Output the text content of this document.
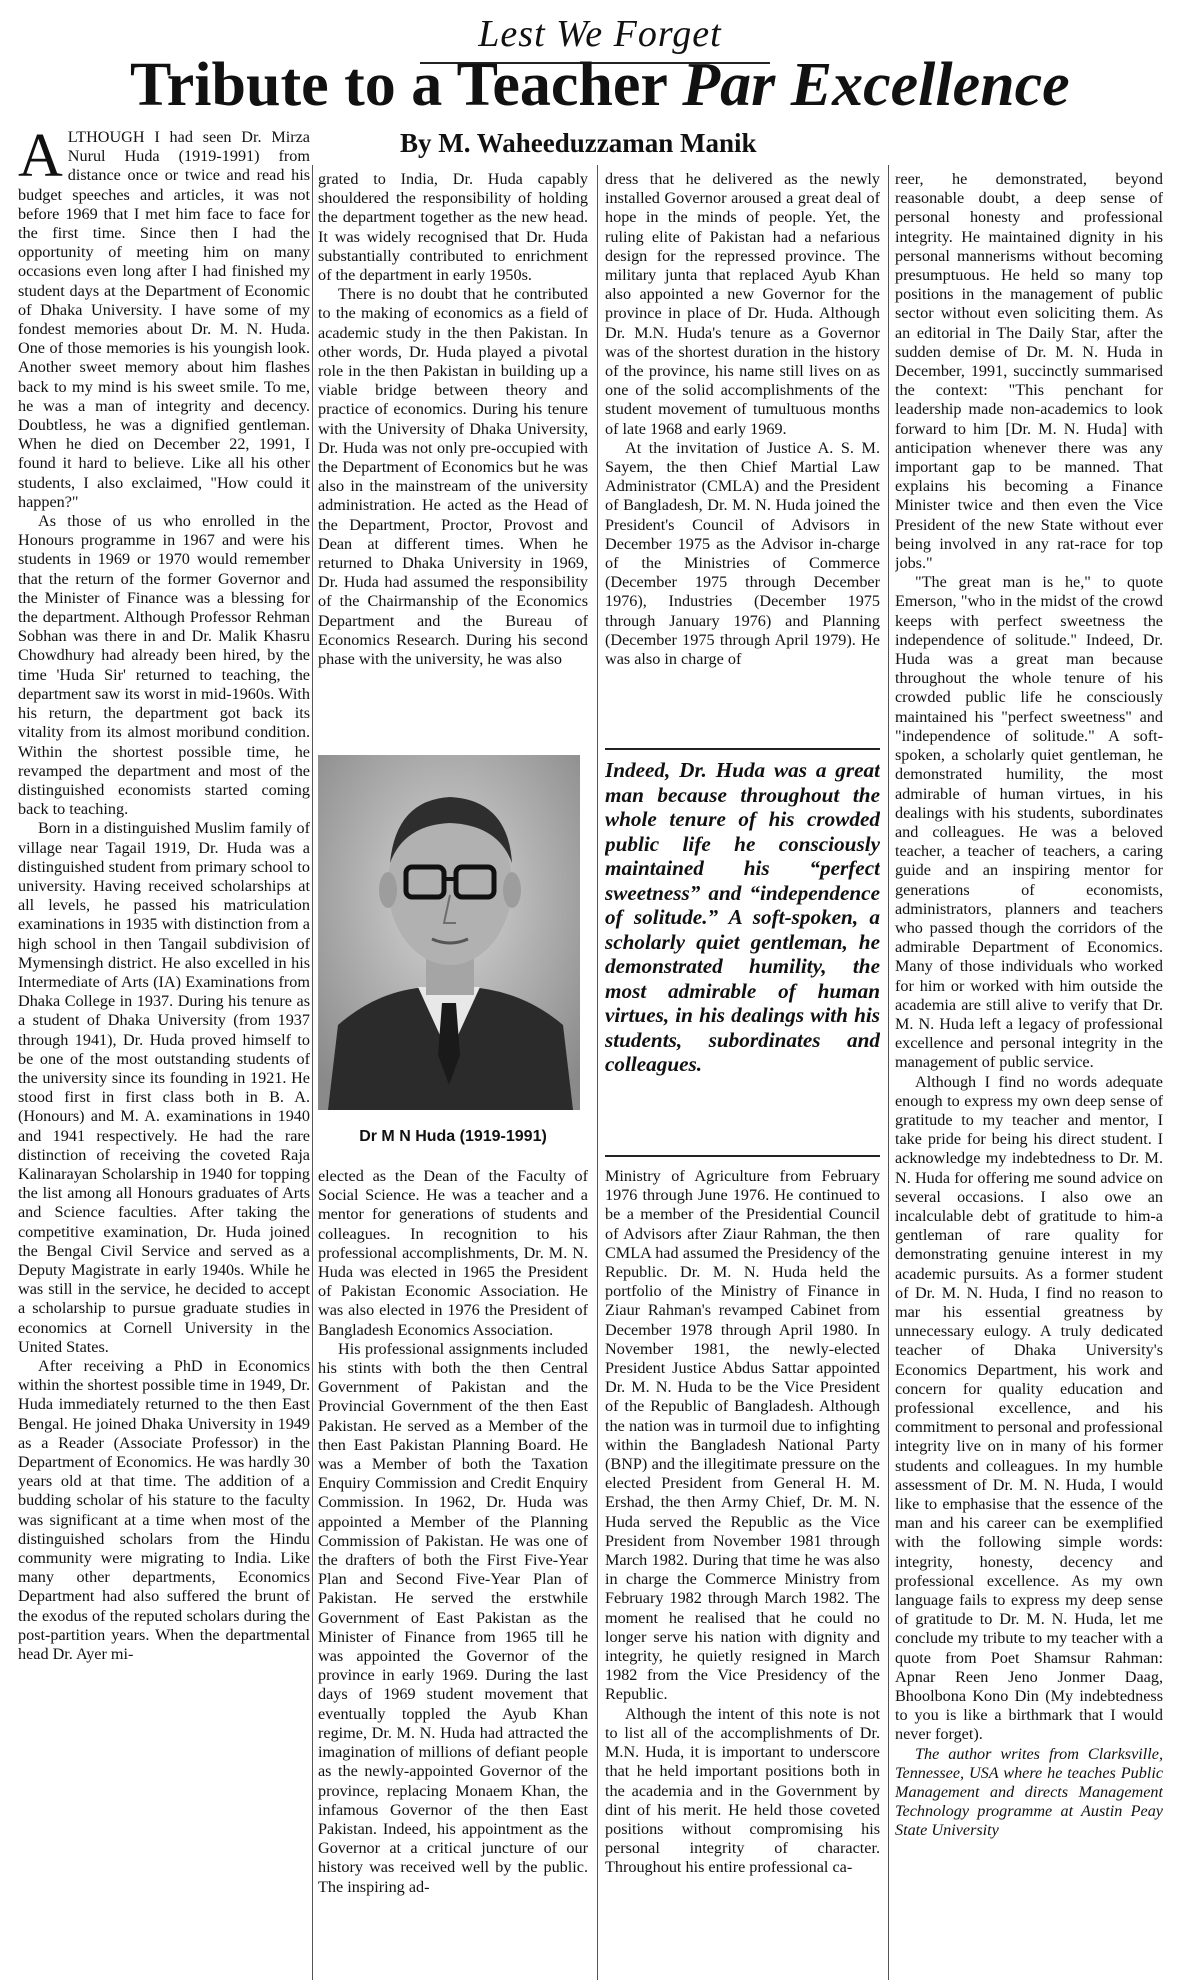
Lest We Forget
Tribute to a Teacher Par Excellence
By M. Waheeduzzaman Manik

ALTHOUGH I had seen Dr. Mirza Nurul Huda (1919-1991) from distance once or twice and read his budget speeches and articles, it was not before 1969 that I met him face to face for the first time. Since then I had the opportunity of meeting him on many occasions even long after I had finished my student days at the Department of Economic of Dhaka University. I have some of my fondest memories about Dr. M. N. Huda. One of those memories is his youngish look. Another sweet memory about him flashes back to my mind is his sweet smile. To me, he was a man of integrity and decency. Doubtless, he was a dignified gentleman. When he died on December 22, 1991, I found it hard to believe. Like all his other students, I also exclaimed, "How could it happen?"

As those of us who enrolled in the Honours programme in 1967 and were his students in 1969 or 1970 would remember that the return of the former Governor and the Minister of Finance was a blessing for the department. Although Professor Rehman Sobhan was there in and Dr. Malik Khasru Chowdhury had already been hired, by the time 'Huda Sir' returned to teaching, the department saw its worst in mid-1960s. With his return, the department got back its vitality from its almost moribund condition. Within the shortest possible time, he revamped the department and most of the distinguished economists started coming back to teaching.

Born in a distinguished Muslim family of village near Tagail 1919, Dr. Huda was a distinguished student from primary school to university. Having received scholarships at all levels, he passed his matriculation examinations in 1935 with distinction from a high school in then Tangail subdivision of Mymensingh district. He also excelled in his Intermediate of Arts (IA) Examinations from Dhaka College in 1937. During his tenure as a student of Dhaka University (from 1937 through 1941), Dr. Huda proved himself to be one of the most outstanding students of the university since its founding in 1921. He stood first in first class both in B. A. (Honours) and M. A. examinations in 1940 and 1941 respectively. He had the rare distinction of receiving the coveted Raja Kalinarayan Scholarship in 1940 for topping the list among all Honours graduates of Arts and Science faculties. After taking the competitive examination, Dr. Huda joined the Bengal Civil Service and served as a Deputy Magistrate in early 1940s. While he was still in the service, he decided to accept a scholarship to pursue graduate studies in economics at Cornell University in the United States.

After receiving a PhD in Economics within the shortest possible time in 1949, Dr. Huda immediately returned to the then East Bengal. He joined Dhaka University in 1949 as a Reader (Associate Professor) in the Department of Economics. He was hardly 30 years old at that time. The addition of a budding scholar of his stature to the faculty was significant at a time when most of the distinguished scholars from the Hindu community were migrating to India. Like many other departments, Economics Department had also suffered the brunt of the exodus of the reputed scholars during the post-partition years. When the departmental head Dr. Ayer mi-

grated to India, Dr. Huda capably shouldered the responsibility of holding the department together as the new head. It was widely recognised that Dr. Huda substantially contributed to enrichment of the department in early 1950s.

There is no doubt that he contributed to the making of economics as a field of academic study in the then Pakistan. In other words, Dr. Huda played a pivotal role in the then Pakistan in building up a viable bridge between theory and practice of economics. During his tenure with the University of Dhaka University, Dr. Huda was not only pre-occupied with the Department of Economics but he was also in the mainstream of the university administration. He acted as the Head of the Department, Proctor, Provost and Dean at different times. When he returned to Dhaka University in 1969, Dr. Huda had assumed the responsibility of the Chairmanship of the Economics Department and the Bureau of Economics Research. During his second phase with the university, he was also

Dr M N Huda (1919-1991)

elected as the Dean of the Faculty of Social Science. He was a teacher and a mentor for generations of students and colleagues. In recognition to his professional accomplishments, Dr. M. N. Huda was elected in 1965 the President of Pakistan Economic Association. He was also elected in 1976 the President of Bangladesh Economics Association.

His professional assignments included his stints with both the then Central Government of Pakistan and the Provincial Government of the then East Pakistan. He served as a Member of the then East Pakistan Planning Board. He was a Member of both the Taxation Enquiry Commission and Credit Enquiry Commission. In 1962, Dr. Huda was appointed a Member of the Planning Commission of Pakistan. He was one of the drafters of both the First Five-Year Plan and Second Five-Year Plan of Pakistan. He served the erstwhile Government of East Pakistan as the Minister of Finance from 1965 till he was appointed the Governor of the province in early 1969. During the last days of 1969 student movement that eventually toppled the Ayub Khan regime, Dr. M. N. Huda had attracted the imagination of millions of defiant people as the newly-appointed Governor of the province, replacing Monaem Khan, the infamous Governor of the then East Pakistan. Indeed, his appointment as the Governor at a critical juncture of our history was received well by the public. The inspiring ad-

dress that he delivered as the newly installed Governor aroused a great deal of hope in the minds of people. Yet, the ruling elite of Pakistan had a nefarious design for the repressed province. The military junta that replaced Ayub Khan also appointed a new Governor for the province in place of Dr. Huda. Although Dr. M.N. Huda's tenure as a Governor was of the shortest duration in the history of the province, his name still lives on as one of the solid accomplishments of the student movement of tumultuous months of late 1968 and early 1969.

At the invitation of Justice A. S. M. Sayem, the then Chief Martial Law Administrator (CMLA) and the President of Bangladesh, Dr. M. N. Huda joined the President's Council of Advisors in December 1975 as the Advisor in-charge of the Ministries of Commerce (December 1975 through December 1976), Industries (December 1975 through January 1976) and Planning (December 1975 through April 1979). He was also in charge of

Indeed, Dr. Huda was a great man because throughout the whole tenure of his crowded public life he consciously maintained his “perfect sweetness” and “independence of solitude.” A soft-spoken, a scholarly quiet gentleman, he demonstrated humility, the most admirable of human virtues, in his dealings with his students, subordinates and colleagues.

Ministry of Agriculture from February 1976 through June 1976. He continued to be a member of the Presidential Council of Advisors after Ziaur Rahman, the then CMLA had assumed the Presidency of the Republic. Dr. M. N. Huda held the portfolio of the Ministry of Finance in Ziaur Rahman's revamped Cabinet from December 1978 through April 1980. In November 1981, the newly-elected President Justice Abdus Sattar appointed Dr. M. N. Huda to be the Vice President of the Republic of Bangladesh. Although the nation was in turmoil due to infighting within the Bangladesh National Party (BNP) and the illegitimate pressure on the elected President from General H. M. Ershad, the then Army Chief, Dr. M. N. Huda served the Republic as the Vice President from November 1981 through March 1982. During that time he was also in charge the Commerce Ministry from February 1982 through March 1982. The moment he realised that he could no longer serve his nation with dignity and integrity, he quietly resigned in March 1982 from the Vice Presidency of the Republic.

Although the intent of this note is not to list all of the accomplishments of Dr. M.N. Huda, it is important to underscore that he held important positions both in the academia and in the Government by dint of his merit. He held those coveted positions without compromising his personal integrity of character. Throughout his entire professional ca-

reer, he demonstrated, beyond reasonable doubt, a deep sense of personal honesty and professional integrity. He maintained dignity in his personal mannerisms without becoming presumptuous. He held so many top positions in the management of public sector without even soliciting them. As an editorial in The Daily Star, after the sudden demise of Dr. M. N. Huda in December, 1991, succinctly summarised the context: "This penchant for leadership made non-academics to look forward to him [Dr. M. N. Huda] with anticipation whenever there was any important gap to be manned. That explains his becoming a Finance Minister twice and then even the Vice President of the new State without ever being involved in any rat-race for top jobs."

"The great man is he," to quote Emerson, "who in the midst of the crowd keeps with perfect sweetness the independence of solitude." Indeed, Dr. Huda was a great man because throughout the whole tenure of his crowded public life he consciously maintained his "perfect sweetness" and "independence of solitude." A soft-spoken, a scholarly quiet gentleman, he demonstrated humility, the most admirable of human virtues, in his dealings with his students, subordinates and colleagues. He was a beloved teacher, a teacher of teachers, a caring guide and an inspiring mentor for generations of economists, administrators, planners and teachers who passed though the corridors of the admirable Department of Economics. Many of those individuals who worked for him or worked with him outside the academia are still alive to verify that Dr. M. N. Huda left a legacy of professional excellence and personal integrity in the management of public service.

Although I find no words adequate enough to express my own deep sense of gratitude to my teacher and mentor, I take pride for being his direct student. I acknowledge my indebtedness to Dr. M. N. Huda for offering me sound advice on several occasions. I also owe an incalculable debt of gratitude to him-a gentleman of rare quality for demonstrating genuine interest in my academic pursuits. As a former student of Dr. M. N. Huda, I find no reason to mar his essential greatness by unnecessary eulogy. A truly dedicated teacher of Dhaka University's Economics Department, his work and concern for quality education and professional excellence, and his commitment to personal and professional integrity live on in many of his former students and colleagues. In my humble assessment of Dr. M. N. Huda, I would like to emphasise that the essence of the man and his career can be exemplified with the following simple words: integrity, honesty, decency and professional excellence. As my own language fails to express my deep sense of gratitude to Dr. M. N. Huda, let me conclude my tribute to my teacher with a quote from Poet Shamsur Rahman: Apnar Reen Jeno Jonmer Daag, Bhoolbona Kono Din (My indebtedness to you is like a birthmark that I would never forget).

The author writes from Clarksville, Tennessee, USA where he teaches Public Management and directs Management Technology programme at Austin Peay State University
